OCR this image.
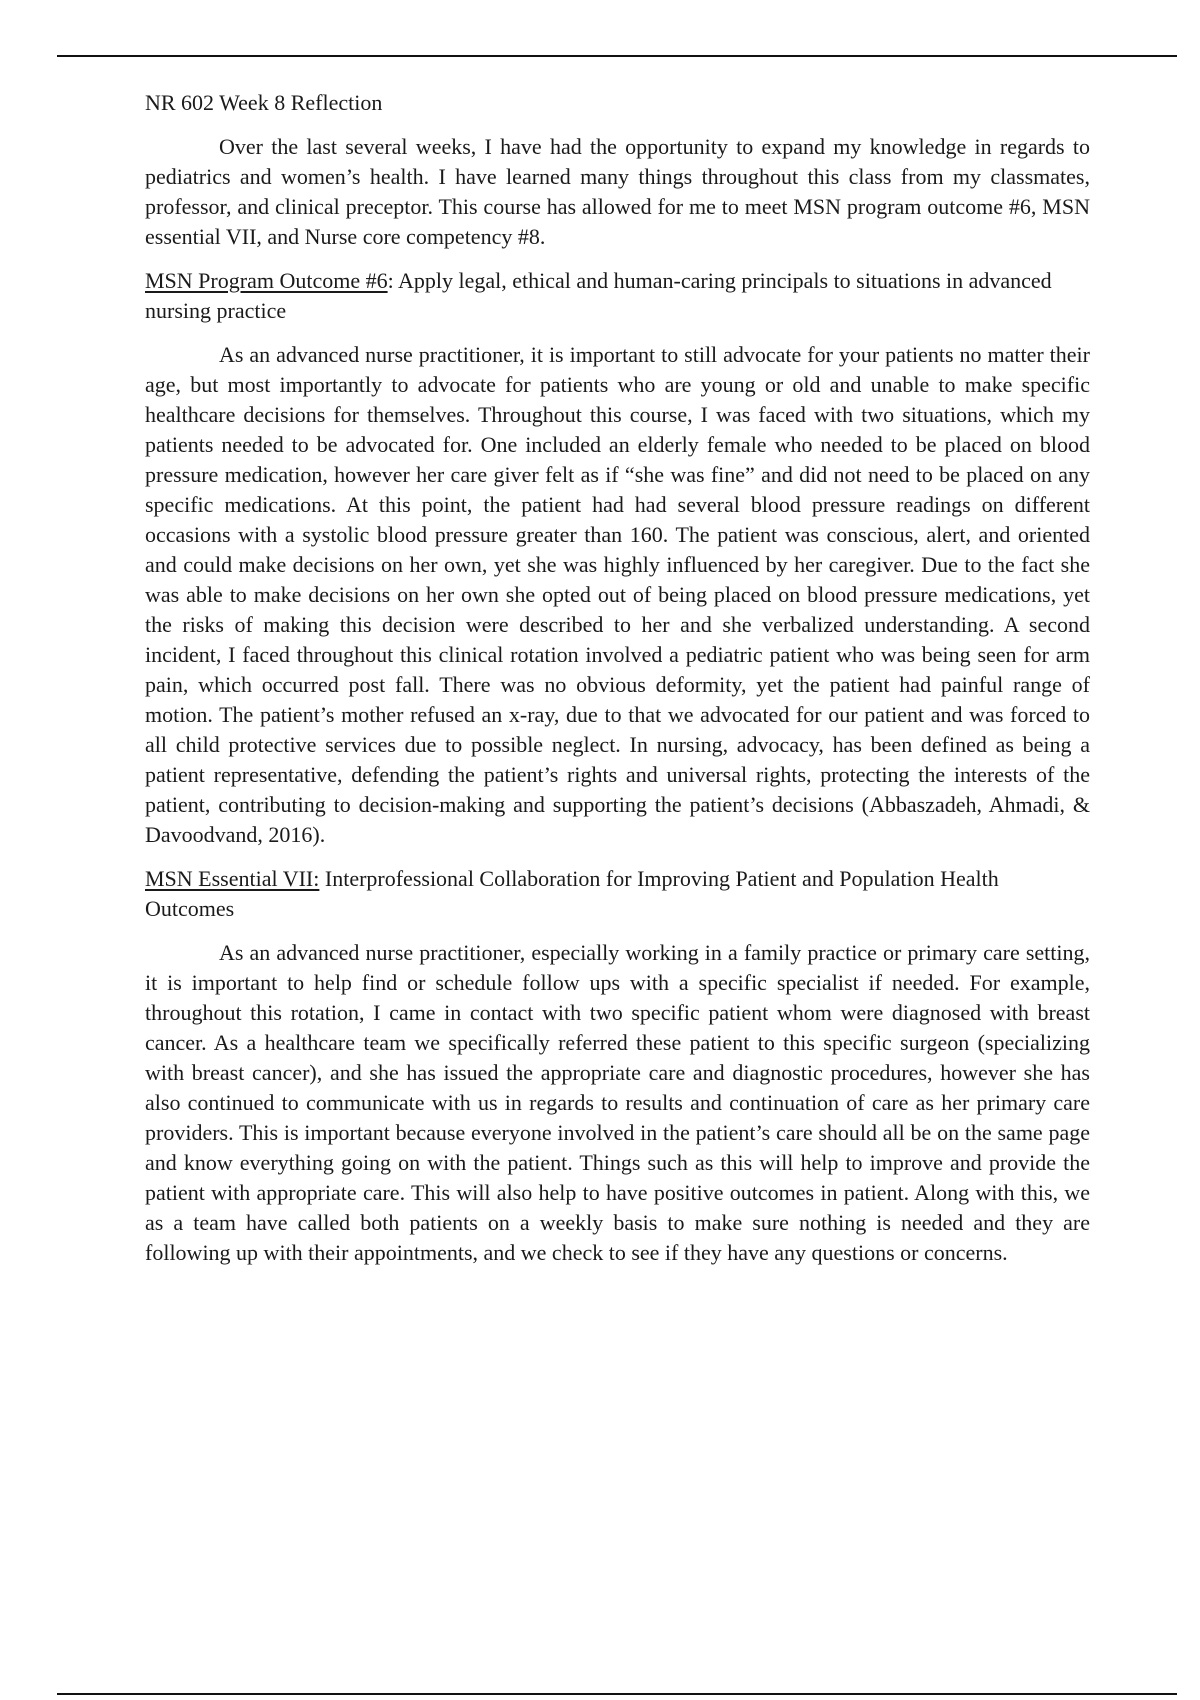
NR 602 Week 8 Reflection

Over the last several weeks, I have had the opportunity to expand my knowledge in regards to pediatrics and women’s health. I have learned many things throughout this class from my classmates, professor, and clinical preceptor. This course has allowed for me to meet MSN program outcome #6, MSN essential VII, and Nurse core competency #8.

MSN Program Outcome #6: Apply legal, ethical and human-caring principals to situations in advanced nursing practice

As an advanced nurse practitioner, it is important to still advocate for your patients no matter their age, but most importantly to advocate for patients who are young or old and unable to make specific healthcare decisions for themselves. Throughout this course, I was faced with two situations, which my patients needed to be advocated for. One included an elderly female who needed to be placed on blood pressure medication, however her care giver felt as if “she was fine” and did not need to be placed on any specific medications. At this point, the patient had had several blood pressure readings on different occasions with a systolic blood pressure greater than 160. The patient was conscious, alert, and oriented and could make decisions on her own, yet she was highly influenced by her caregiver. Due to the fact she was able to make decisions on her own she opted out of being placed on blood pressure medications, yet the risks of making this decision were described to her and she verbalized understanding. A second incident, I faced throughout this clinical rotation involved a pediatric patient who was being seen for arm pain, which occurred post fall. There was no obvious deformity, yet the patient had painful range of motion. The patient’s mother refused an x-ray, due to that we advocated for our patient and was forced to all child protective services due to possible neglect. In nursing, advocacy, has been defined as being a patient representative, defending the patient’s rights and universal rights, protecting the interests of the patient, contributing to decision-making and supporting the patient’s decisions (Abbaszadeh, Ahmadi, & Davoodvand, 2016).

MSN Essential VII: Interprofessional Collaboration for Improving Patient and Population Health Outcomes

As an advanced nurse practitioner, especially working in a family practice or primary care setting, it is important to help find or schedule follow ups with a specific specialist if needed. For example, throughout this rotation, I came in contact with two specific patient whom were diagnosed with breast cancer. As a healthcare team we specifically referred these patient to this specific surgeon (specializing with breast cancer), and she has issued the appropriate care and diagnostic procedures, however she has also continued to communicate with us in regards to results and continuation of care as her primary care providers. This is important because everyone involved in the patient’s care should all be on the same page and know everything going on with the patient. Things such as this will help to improve and provide the patient with appropriate care. This will also help to have positive outcomes in patient. Along with this, we as a team have called both patients on a weekly basis to make sure nothing is needed and they are following up with their appointments, and we check to see if they have any questions or concerns.
